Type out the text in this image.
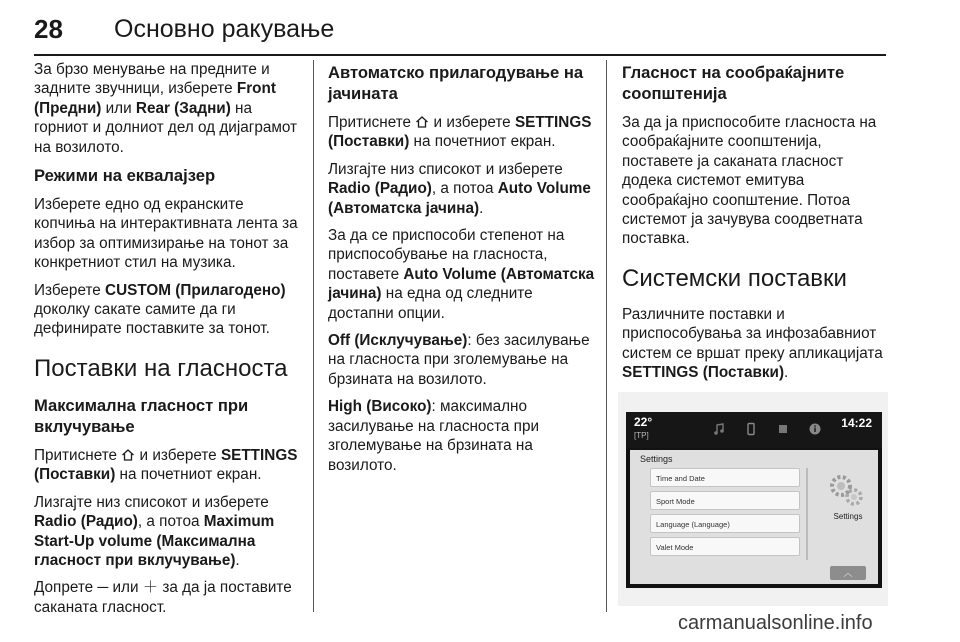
28 Основно ракување

За брзо менување на предните и задните звучници, изберете Front (Предни) или Rear (Задни) на горниот и долниот дел од дијаграмот на возилото.

Режими на еквалајзер

Изберете едно од екранските копчиња на интерактивната лента за избор за оптимизирање на тонот за конкретниот стил на музика.

Изберете CUSTOM (Прилагодено) доколку сакате самите да ги дефинирате поставките за тонот.

Поставки на гласноста
Максимална гласност при вклучување

Притиснете  и изберете SETTINGS (Поставки) на почетниот екран.

Лизгајте низ списокот и изберете Radio (Радио), а потоа Maximum Start-Up volume (Максимална гласност при вклучување).

Допрете ─ или ＋ за да ја поставите саканата гласност.

Автоматско прилагодување на јачината

Притиснете  и изберете SETTINGS (Поставки) на почетниот екран.

Лизгајте низ списокот и изберете Radio (Радио), а потоа Auto Volume (Автоматска јачина).

За да се приспособи степенот на приспособување на гласноста, поставете Auto Volume (Автоматска јачина) на една од следните достапни опции.

Off (Исклучување): без засилување на гласноста при зголемување на брзината на возилото.

High (Високо): максимално засилување на гласноста при зголемување на брзината на возилото.

Гласност на сообраќајните соопштенија

За да ја приспособите гласноста на сообраќајните соопштенија, поставете ја саканата гласност додека системот емитува сообраќајно соопштение. Потоа системот ја зачувува соодветната поставка.

Системски поставки

Различните поставки и приспособувања за инфозабавниот систем се вршат преку апликацијата SETTINGS (Поставки).

22°
[TP]
14:22
Settings
Time and Date
Sport Mode
Language (Language)
Valet Mode
Settings
︿
carmanualsonline.info
